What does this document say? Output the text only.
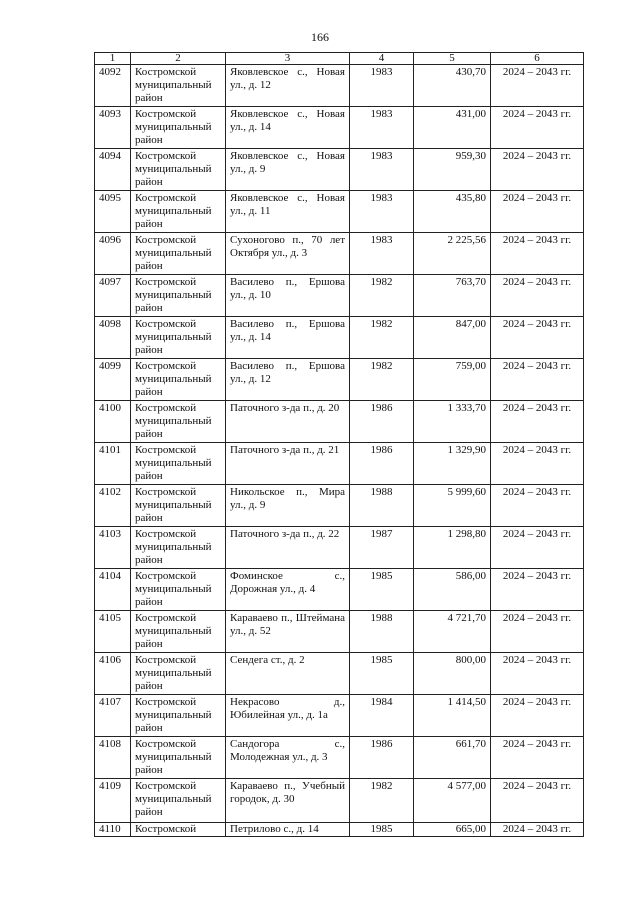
166
1	2	3	4	5	6
4092	Костромской муниципальный район	Яковлевское с., Новая ул., д. 12	1983	430,70	2024 – 2043 гг.
4093	Костромской муниципальный район	Яковлевское с., Новая ул., д. 14	1983	431,00	2024 – 2043 гг.
4094	Костромской муниципальный район	Яковлевское с., Новая ул., д. 9	1983	959,30	2024 – 2043 гг.
4095	Костромской муниципальный район	Яковлевское с., Новая ул., д. 11	1983	435,80	2024 – 2043 гг.
4096	Костромской муниципальный район	Сухоногово п., 70 лет Октября ул., д. 3	1983	2 225,56	2024 – 2043 гг.
4097	Костромской муниципальный район	Василево п., Ершова ул., д. 10	1982	763,70	2024 – 2043 гг.
4098	Костромской муниципальный район	Василево п., Ершова ул., д. 14	1982	847,00	2024 – 2043 гг.
4099	Костромской муниципальный район	Василево п., Ершова ул., д. 12	1982	759,00	2024 – 2043 гг.
4100	Костромской муниципальный район	Паточного з-да п., д. 20	1986	1 333,70	2024 – 2043 гг.
4101	Костромской муниципальный район	Паточного з-да п., д. 21	1986	1 329,90	2024 – 2043 гг.
4102	Костромской муниципальный район	Никольское п., Мира ул., д. 9	1988	5 999,60	2024 – 2043 гг.
4103	Костромской муниципальный район	Паточного з-да п., д. 22	1987	1 298,80	2024 – 2043 гг.
4104	Костромской муниципальный район	Фоминское с., Дорожная ул., д. 4	1985	586,00	2024 – 2043 гг.
4105	Костромской муниципальный район	Караваево п., Штеймана ул., д. 52	1988	4 721,70	2024 – 2043 гг.
4106	Костромской муниципальный район	Сендега ст., д. 2	1985	800,00	2024 – 2043 гг.
4107	Костромской муниципальный район	Некрасово д., Юбилейная ул., д. 1а	1984	1 414,50	2024 – 2043 гг.
4108	Костромской муниципальный район	Сандогора с., Молодежная ул., д. 3	1986	661,70	2024 – 2043 гг.
4109	Костромской муниципальный район	Караваево п., Учебный городок, д. 30	1982	4 577,00	2024 – 2043 гг.
4110	Костромской	Петрилово с., д. 14	1985	665,00	2024 – 2043 гг.
